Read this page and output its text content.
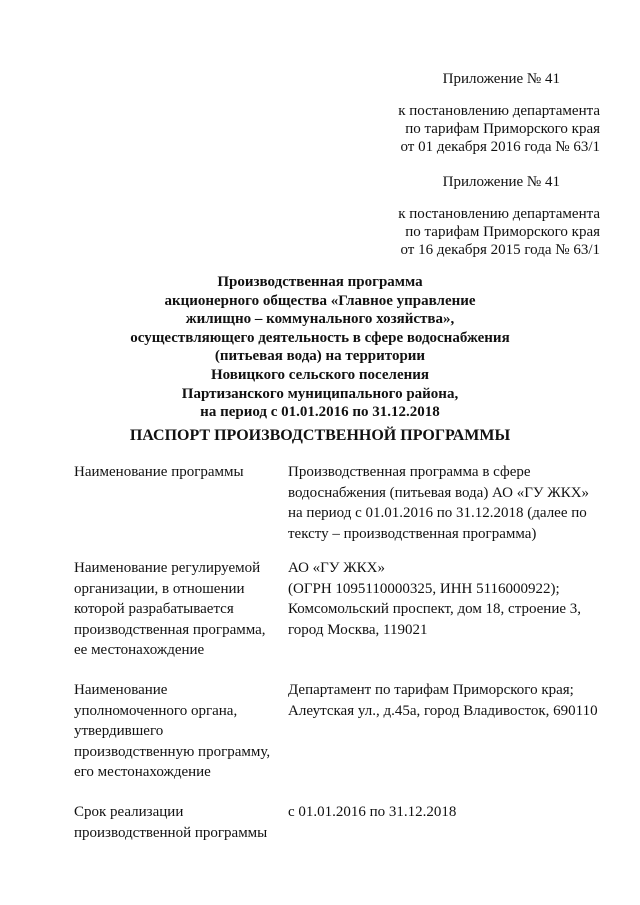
Приложение № 41
к постановлению департамента
по тарифам Приморского края
от 01 декабря 2016 года № 63/1
Приложение № 41
к постановлению департамента
по тарифам Приморского края
от 16 декабря 2015 года № 63/1
Производственная программа
акционерного общества «Главное управление
жилищно – коммунального хозяйства»,
осуществляющего деятельность в сфере водоснабжения
(питьевая вода) на территории
Новицкого сельского поселения
Партизанского муниципального района,
на период с 01.01.2016 по 31.12.2018
ПАСПОРТ ПРОИЗВОДСТВЕННОЙ ПРОГРАММЫ
Наименование программы	Производственная программа в сфере
водоснабжения (питьевая вода) АО «ГУ ЖКХ»
на период с 01.01.2016 по 31.12.2018 (далее по
тексту – производственная программа)
Наименование регулируемой
организации, в отношении
которой разрабатывается
производственная программа,
ее местонахождение
АО «ГУ ЖКХ»
(ОГРН 1095110000325, ИНН 5116000922);
Комсомольский проспект, дом 18, строение 3,
город Москва, 119021
Наименование
уполномоченного органа,
утвердившего
производственную программу,
его местонахождение
Департамент по тарифам Приморского края;
Алеутская ул., д.45а, город Владивосток, 690110
Срок реализации
производственной программы
с 01.01.2016 по 31.12.2018
